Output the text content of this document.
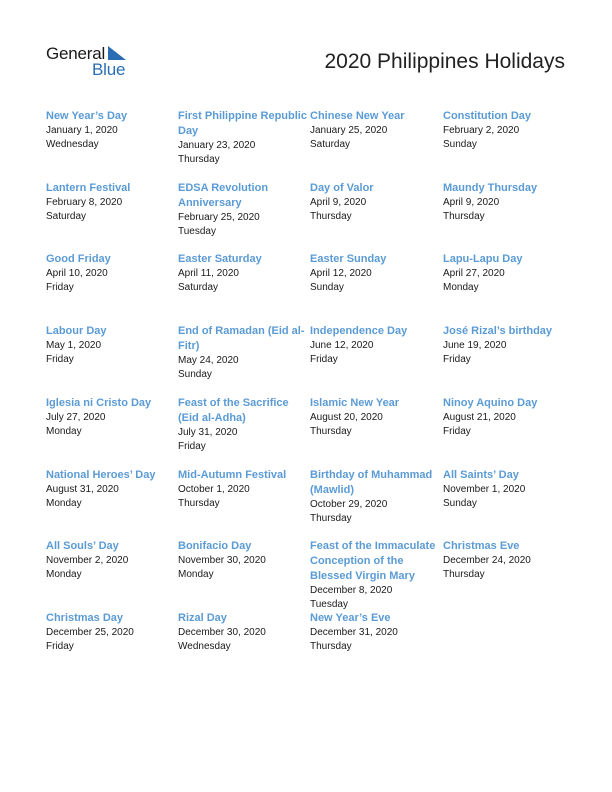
General
Blue	2020 Philippines Holidays
New Year’s Day
January 1, 2020
Wednesday
First Philippine Republic Day
January 23, 2020
Thursday
Chinese New Year
January 25, 2020
Saturday
Constitution Day
February 2, 2020
Sunday
Lantern Festival
February 8, 2020
Saturday
EDSA Revolution Anniversary
February 25, 2020
Tuesday
Day of Valor
April 9, 2020
Thursday
Maundy Thursday
April 9, 2020
Thursday
Good Friday
April 10, 2020
Friday
Easter Saturday
April 11, 2020
Saturday
Easter Sunday
April 12, 2020
Sunday
Lapu-Lapu Day
April 27, 2020
Monday
Labour Day
May 1, 2020
Friday
End of Ramadan (Eid al-Fitr)
May 24, 2020
Sunday
Independence Day
June 12, 2020
Friday
José Rizal’s birthday
June 19, 2020
Friday
Iglesia ni Cristo Day
July 27, 2020
Monday
Feast of the Sacrifice (Eid al-Adha)
July 31, 2020
Friday
Islamic New Year
August 20, 2020
Thursday
Ninoy Aquino Day
August 21, 2020
Friday
National Heroes’ Day
August 31, 2020
Monday
Mid-Autumn Festival
October 1, 2020
Thursday
Birthday of Muhammad (Mawlid)
October 29, 2020
Thursday
All Saints’ Day
November 1, 2020
Sunday
All Souls’ Day
November 2, 2020
Monday
Bonifacio Day
November 30, 2020
Monday
Feast of the Immaculate Conception of the Blessed Virgin Mary
December 8, 2020
Tuesday
Christmas Eve
December 24, 2020
Thursday
Christmas Day
December 25, 2020
Friday
Rizal Day
December 30, 2020
Wednesday
New Year’s Eve
December 31, 2020
Thursday
